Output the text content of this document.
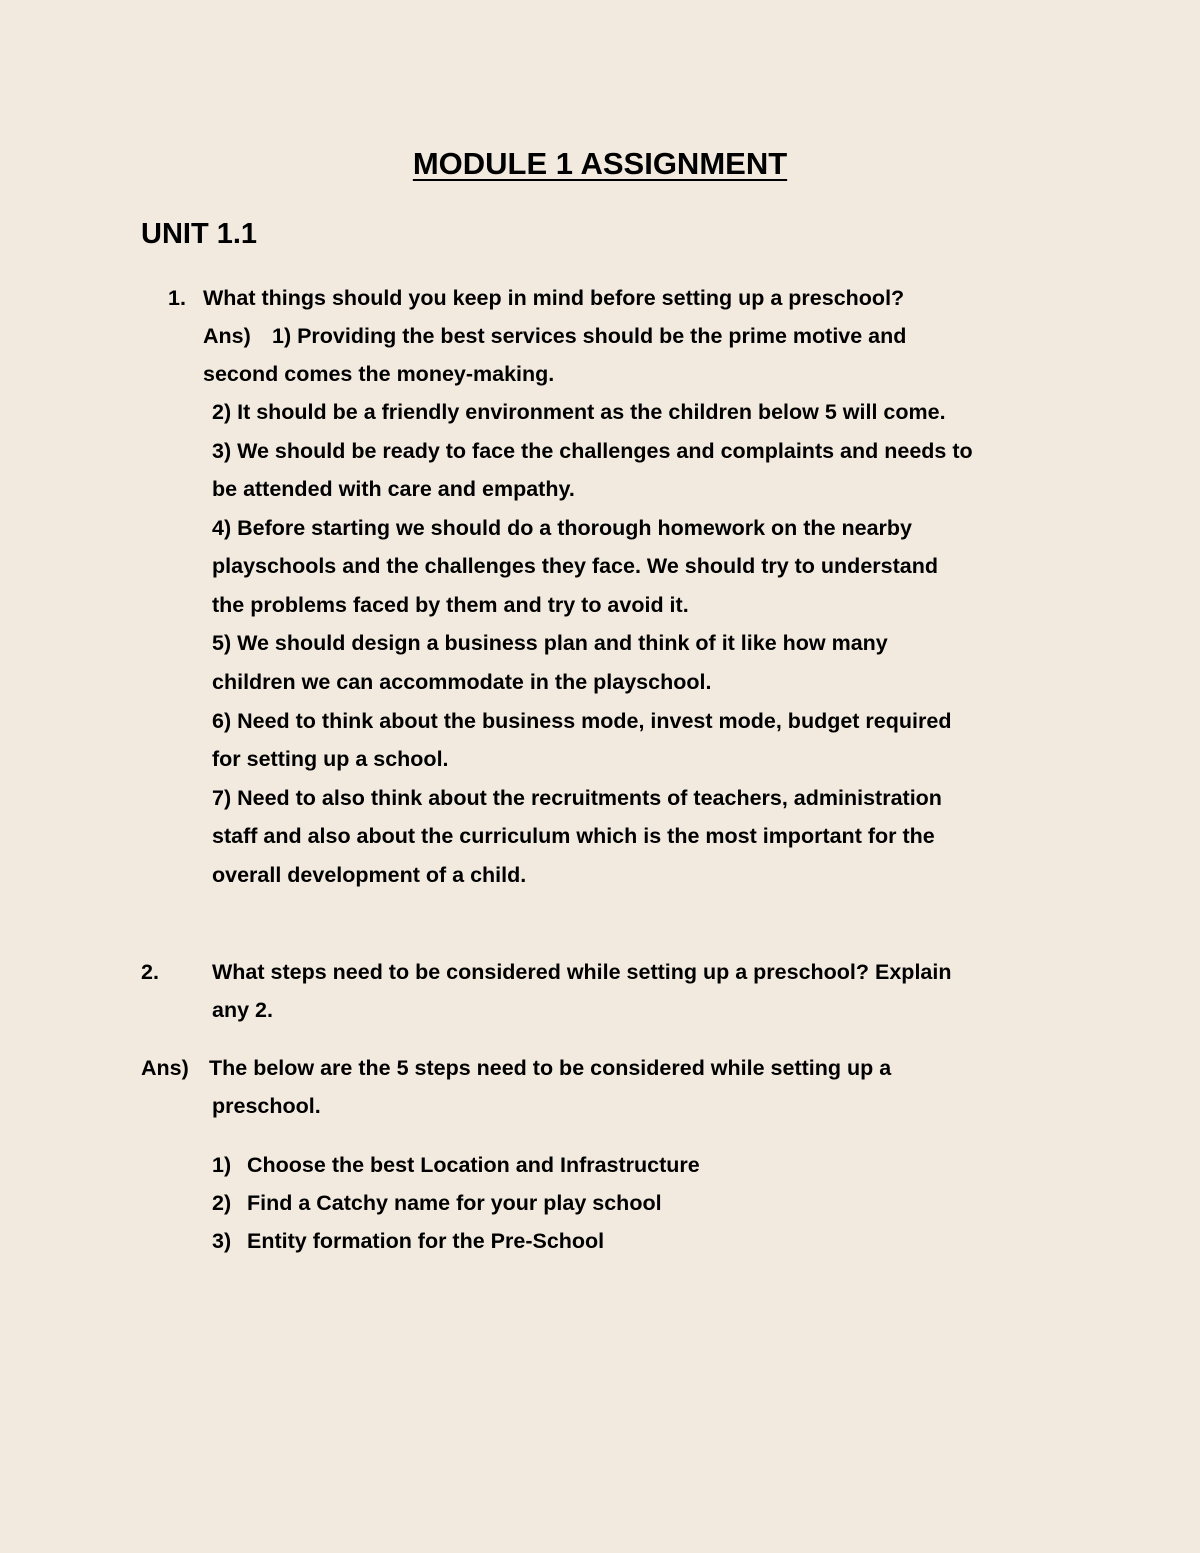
MODULE 1 ASSIGNMENT
UNIT 1.1
1. What things should you keep in mind before setting up a preschool?
Ans) 1) Providing the best services should be the prime motive and
second comes the money-making.
2) It should be a friendly environment as the children below 5 will come.
3) We should be ready to face the challenges and complaints and needs to
be attended with care and empathy.
4) Before starting we should do a thorough homework on the nearby
playschools and the challenges they face. We should try to understand
the problems faced by them and try to avoid it.
5) We should design a business plan and think of it like how many
children we can accommodate in the playschool.
6) Need to think about the business mode, invest mode, budget required
for setting up a school.
7) Need to also think about the recruitments of teachers, administration
staff and also about the curriculum which is the most important for the
overall development of a child.
2. What steps need to be considered while setting up a preschool? Explain
any 2.
Ans) The below are the 5 steps need to be considered while setting up a
preschool.
1) Choose the best Location and Infrastructure
2) Find a Catchy name for your play school
3) Entity formation for the Pre-School
